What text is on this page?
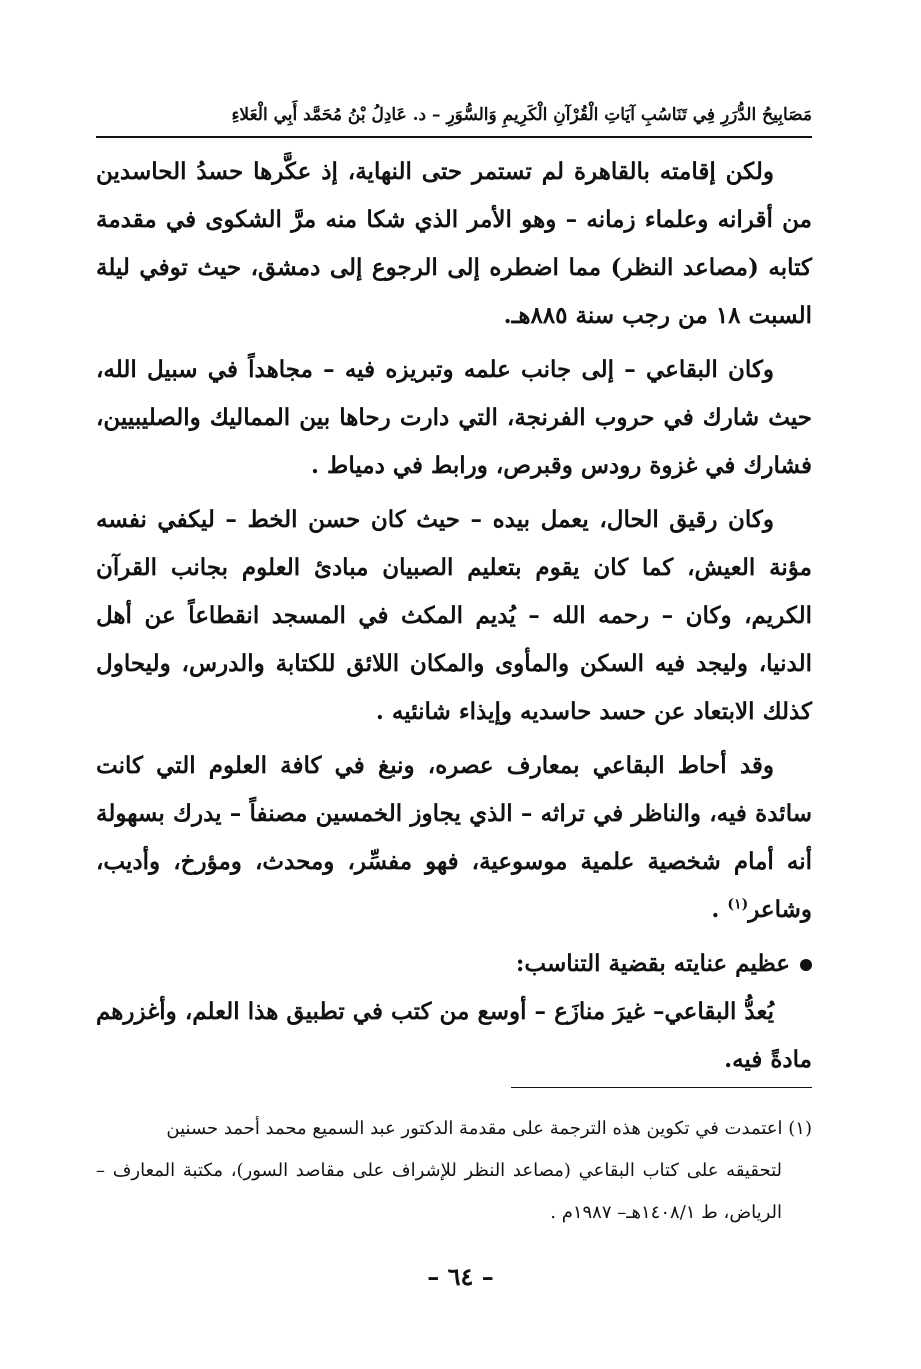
مَصَابِيحُ الدُّرَرِ فِي تَنَاسُبِ آيَاتِ الْقُرْآنِ الْكَرِيمِ وَالسُّوَرِ – د. عَادِلُ بْنُ مُحَمَّد أَبِي الْعَلاءِ

ولكن إقامته بالقاهرة لم تستمر حتى النهاية، إذ عكَّرها حسدُ الحاسدين من أقرانه وعلماء زمانه – وهو الأمر الذي شكا منه مرَّ الشكوى في مقدمة كتابه (مصاعد النظر) مما اضطره إلى الرجوع إلى دمشق، حيث توفي ليلة السبت ١٨ من رجب سنة ٨٨٥هـ.

وكان البقاعي – إلى جانب علمه وتبريزه فيه – مجاهداً في سبيل الله، حيث شارك في حروب الفرنجة، التي دارت رحاها بين المماليك والصليبيين، فشارك في غزوة رودس وقبرص، ورابط في دمياط .

وكان رقيق الحال، يعمل بيده – حيث كان حسن الخط – ليكفي نفسه مؤنة العيش، كما كان يقوم بتعليم الصبيان مبادئ العلوم بجانب القرآن الكريم، وكان – رحمه الله – يُديم المكث في المسجد انقطاعاً عن أهل الدنيا، وليجد فيه السكن والمأوى والمكان اللائق للكتابة والدرس، وليحاول كذلك الابتعاد عن حسد حاسديه وإيذاء شانئيه .

وقد أحاط البقاعي بمعارف عصره، ونبغ في كافة العلوم التي كانت سائدة فيه، والناظر في تراثه – الذي يجاوز الخمسين مصنفاً – يدرك بسهولة أنه أمام شخصية علمية موسوعية، فهو مفسِّر، ومحدث، ومؤرخ، وأديب، وشاعر$^{(١)}$ .

عظيم عنايته بقضية التناسب:

يُعدُّ البقاعي– غيرَ منازَع – أوسع من كتب في تطبيق هذا العلم، وأغزرهم مادةً فيه.

(١) اعتمدت في تكوين هذه الترجمة على مقدمة الدكتور عبد السميع محمد أحمد حسنين

لتحقيقه على كتاب البقاعي (مصاعد النظر للإشراف على مقاصد السور)، مكتبة المعارف – الرياض، ط ١٤٠٨/١هـ– ١٩٨٧م .

– ٦٤ –
